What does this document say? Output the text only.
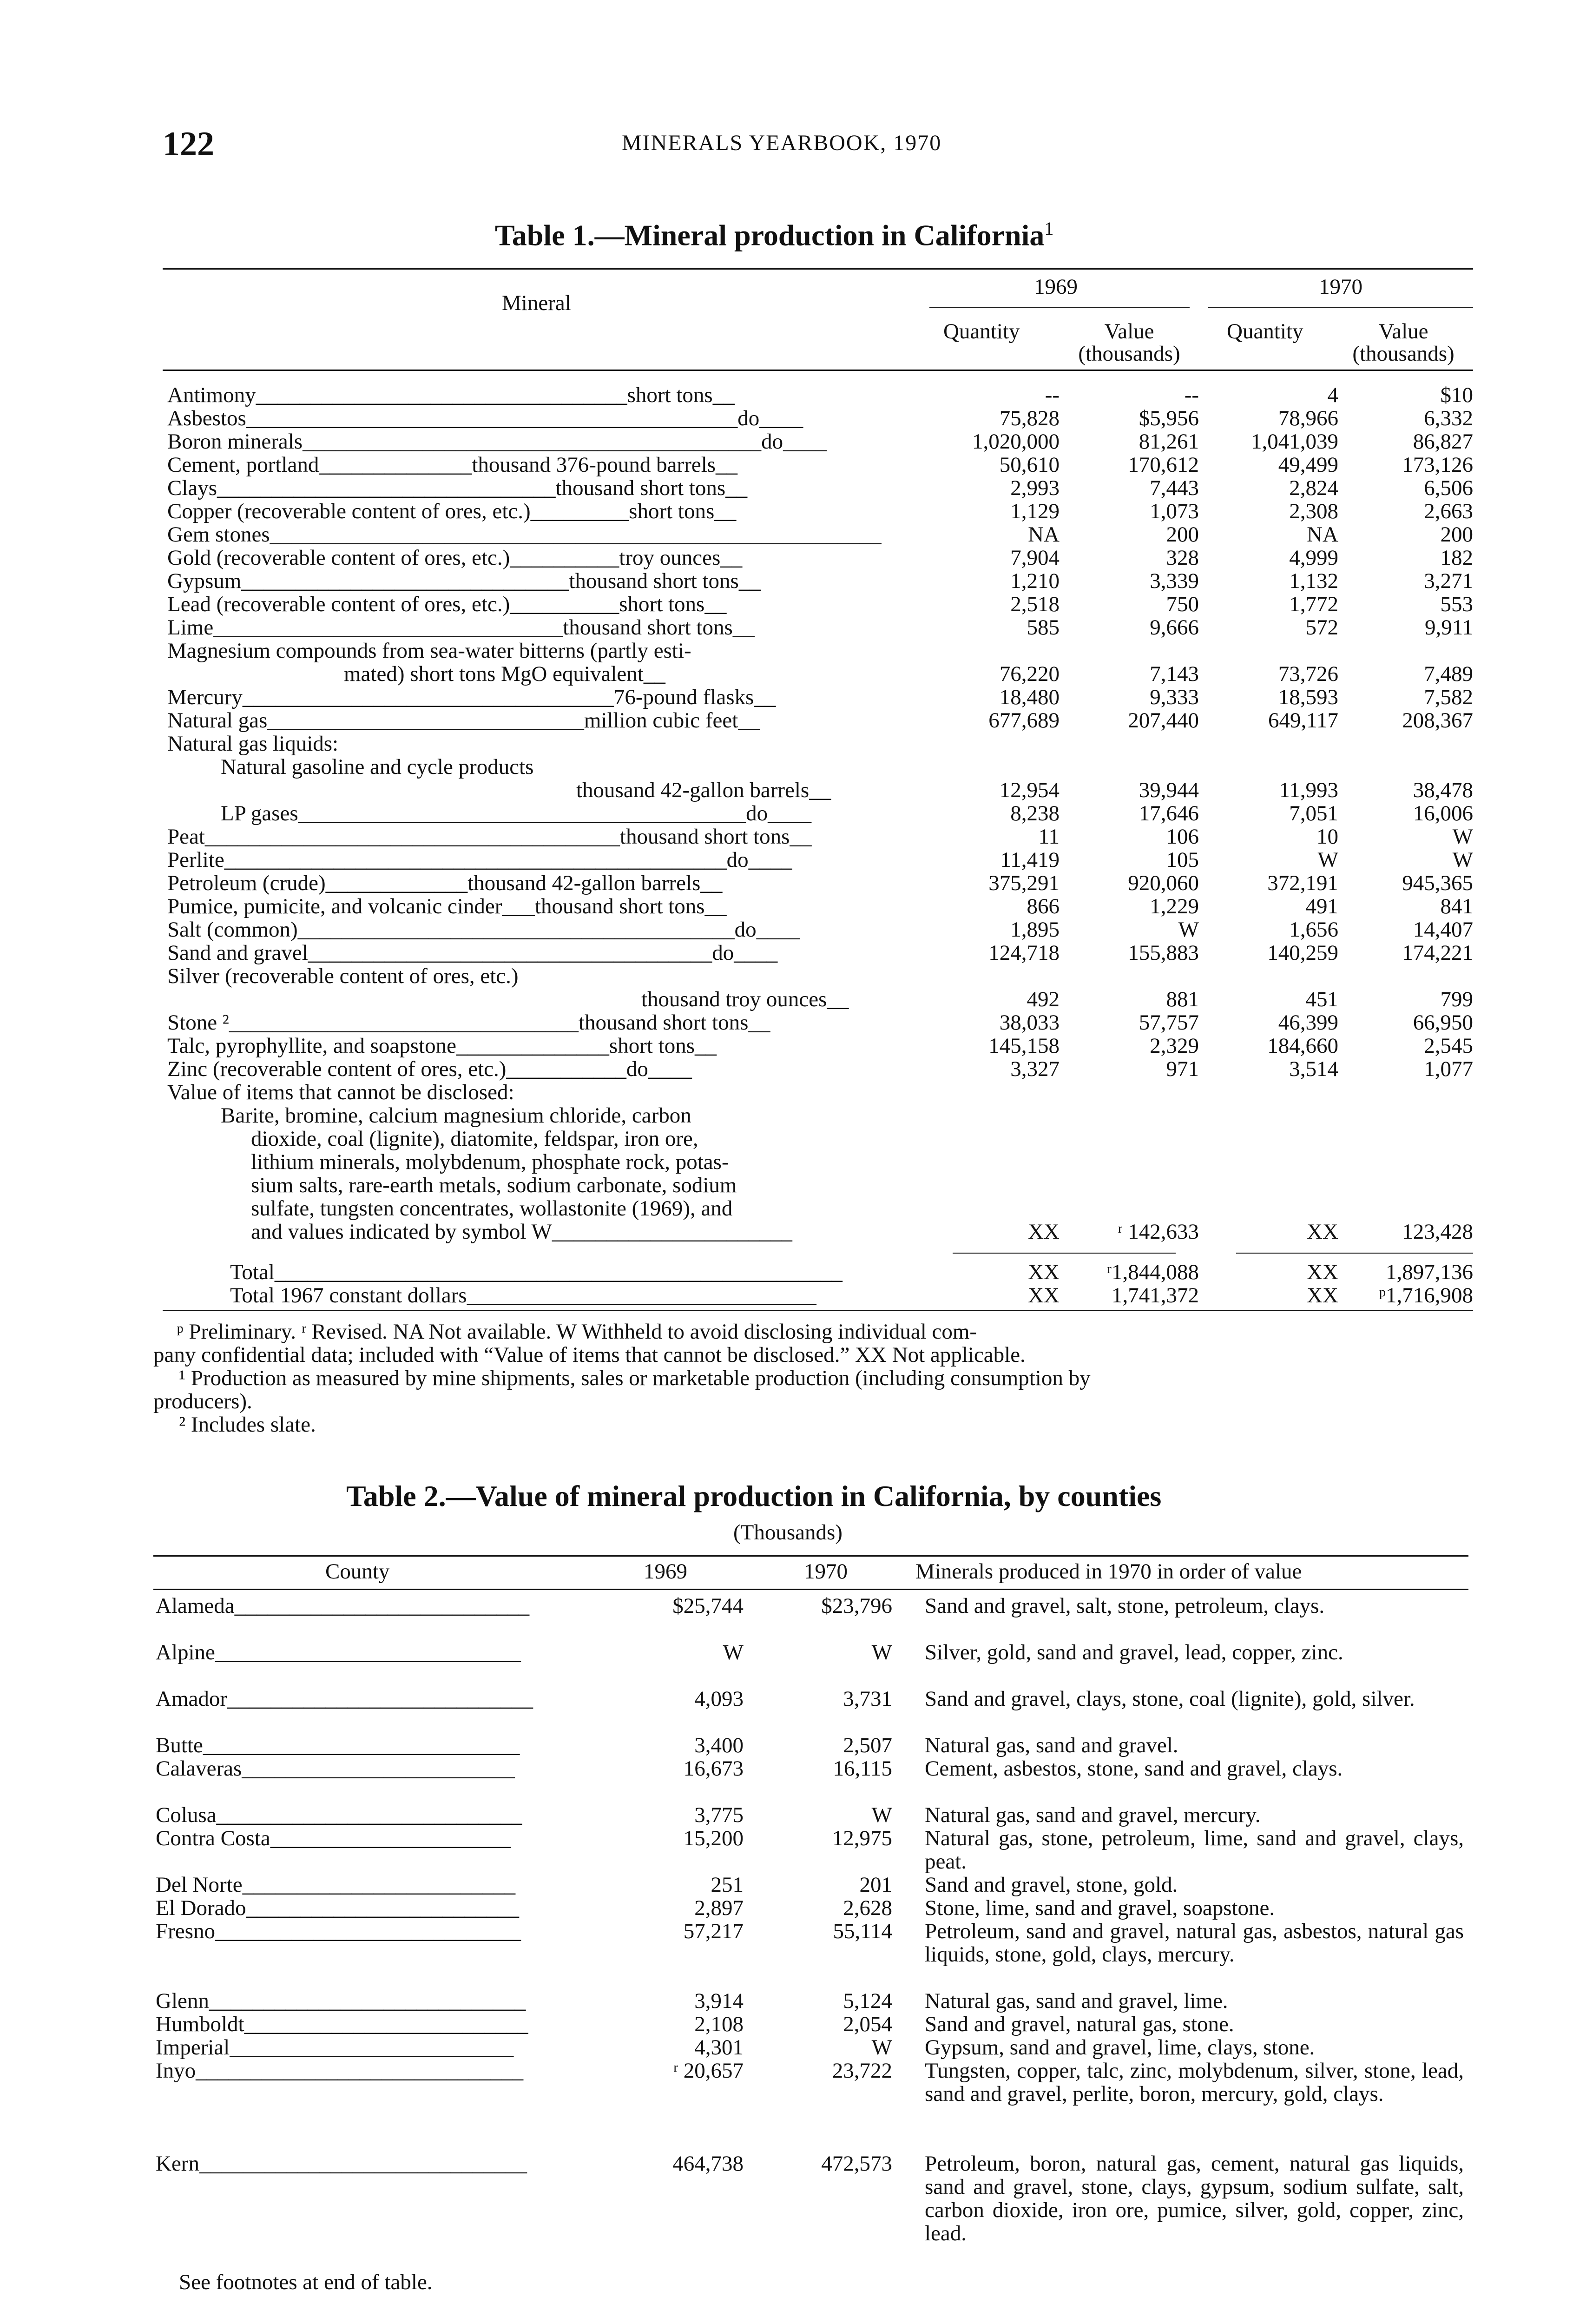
122	MINERALS YEARBOOK, 1970
Table 1.—Mineral production in California$^1$
Mineral
1969	1970
Quantity	Value
(thousands)
Quantity	Value
(thousands)
Antimony__________________________________short tons__	--	--	4	$10
Asbestos_____________________________________________do____	75,828	$5,956	78,966	6,332
Boron minerals__________________________________________do____	1,020,000	81,261	1,041,039	86,827
Cement, portland______________thousand 376-pound barrels__	50,610	170,612	49,499	173,126
Clays_______________________________thousand short tons__	2,993	7,443	2,824	6,506
Copper (recoverable content of ores, etc.)_________short tons__	1,129	1,073	2,308	2,663
Gem stones________________________________________________________	NA	200	NA	200
Gold (recoverable content of ores, etc.)__________troy ounces__	7,904	328	4,999	182
Gypsum______________________________thousand short tons__	1,210	3,339	1,132	3,271
Lead (recoverable content of ores, etc.)__________short tons__	2,518	750	1,772	553
Lime________________________________thousand short tons__	585	9,666	572	9,911
Magnesium compounds from sea-water bitterns (partly esti-
mated) short tons MgO equivalent__	76,220	7,143	73,726	7,489
Mercury__________________________________76-pound flasks__	18,480	9,333	18,593	7,582
Natural gas_____________________________million cubic feet__	677,689	207,440	649,117	208,367
Natural gas liquids:
Natural gasoline and cycle products
thousand 42-gallon barrels__	12,954	39,944	11,993	38,478
LP gases_________________________________________do____	8,238	17,646	7,051	16,006
Peat______________________________________thousand short tons__	11	106	10	W
Perlite______________________________________________do____	11,419	105	W	W
Petroleum (crude)_____________thousand 42-gallon barrels__	375,291	920,060	372,191	945,365
Pumice, pumicite, and volcanic cinder___thousand short tons__	866	1,229	491	841
Salt (common)________________________________________do____	1,895	W	1,656	14,407
Sand and gravel_____________________________________do____	124,718	155,883	140,259	174,221
Silver (recoverable content of ores, etc.)
thousand troy ounces__	492	881	451	799
Stone ²________________________________thousand short tons__	38,033	57,757	46,399	66,950
Talc, pyrophyllite, and soapstone______________short tons__	145,158	2,329	184,660	2,545
Zinc (recoverable content of ores, etc.)___________do____	3,327	971	3,514	1,077
Value of items that cannot be disclosed:
Barite, bromine, calcium magnesium chloride, carbon
dioxide, coal (lignite), diatomite, feldspar, iron ore,
lithium minerals, molybdenum, phosphate rock, potas-
sium salts, rare-earth metals, sodium carbonate, sodium
sulfate, tungsten concentrates, wollastonite (1969), and
and values indicated by symbol W______________________	XX	ʳ 142,633	XX	123,428
Total____________________________________________________	XX	ʳ1,844,088	XX	1,897,136
Total 1967 constant dollars________________________________	XX	1,741,372	XX	ᵖ1,716,908
ᵖ Preliminary. ʳ Revised. NA Not available. W Withheld to avoid disclosing individual com-
pany confidential data; included with “Value of items that cannot be disclosed.” XX Not applicable.
¹ Production as measured by mine shipments, sales or marketable production (including consumption by
producers).
² Includes slate.
Table 2.—Value of mineral production in California, by counties
(Thousands)
County	1969	1970	Minerals produced in 1970 in order of value
Alameda___________________________	$25,744	$23,796 Sand and gravel, salt, stone, petroleum, clays.
Alpine____________________________	W	W Silver, gold, sand and gravel, lead, copper, zinc.
Amador____________________________	4,093	3,731 Sand and gravel, clays, stone, coal (lignite), gold, silver.
Butte_____________________________	3,400	2,507 Natural gas, sand and gravel.
Calaveras_________________________	16,673	16,115 Cement, asbestos, stone, sand and gravel, clays.
Colusa____________________________	3,775	W Natural gas, sand and gravel, mercury.
Contra Costa______________________	15,200	12,975 Natural gas, stone, petroleum, lime, sand and gravel, clays, peat.
Del Norte_________________________	251	201 Sand and gravel, stone, gold.
El Dorado_________________________	2,897	2,628 Stone, lime, sand and gravel, soapstone.
Fresno____________________________	57,217	55,114 Petroleum, sand and gravel, natural gas, asbestos, natural gas liquids, stone, gold, clays, mercury.
Glenn_____________________________	3,914	5,124 Natural gas, sand and gravel, lime.
Humboldt__________________________	2,108	2,054 Sand and gravel, natural gas, stone.
Imperial__________________________	4,301	W Gypsum, sand and gravel, lime, clays, stone.
Inyo______________________________	ʳ 20,657	23,722 Tungsten, copper, talc, zinc, molybdenum, silver, stone, lead, sand and gravel, perlite, boron, mercury, gold, clays.
Kern______________________________	464,738	472,573 Petroleum, boron, natural gas, cement, natural gas liquids, sand and gravel, stone, clays, gypsum, sodium sulfate, salt, carbon dioxide, iron ore, pumice, silver, gold, copper, zinc, lead.
See footnotes at end of table.
